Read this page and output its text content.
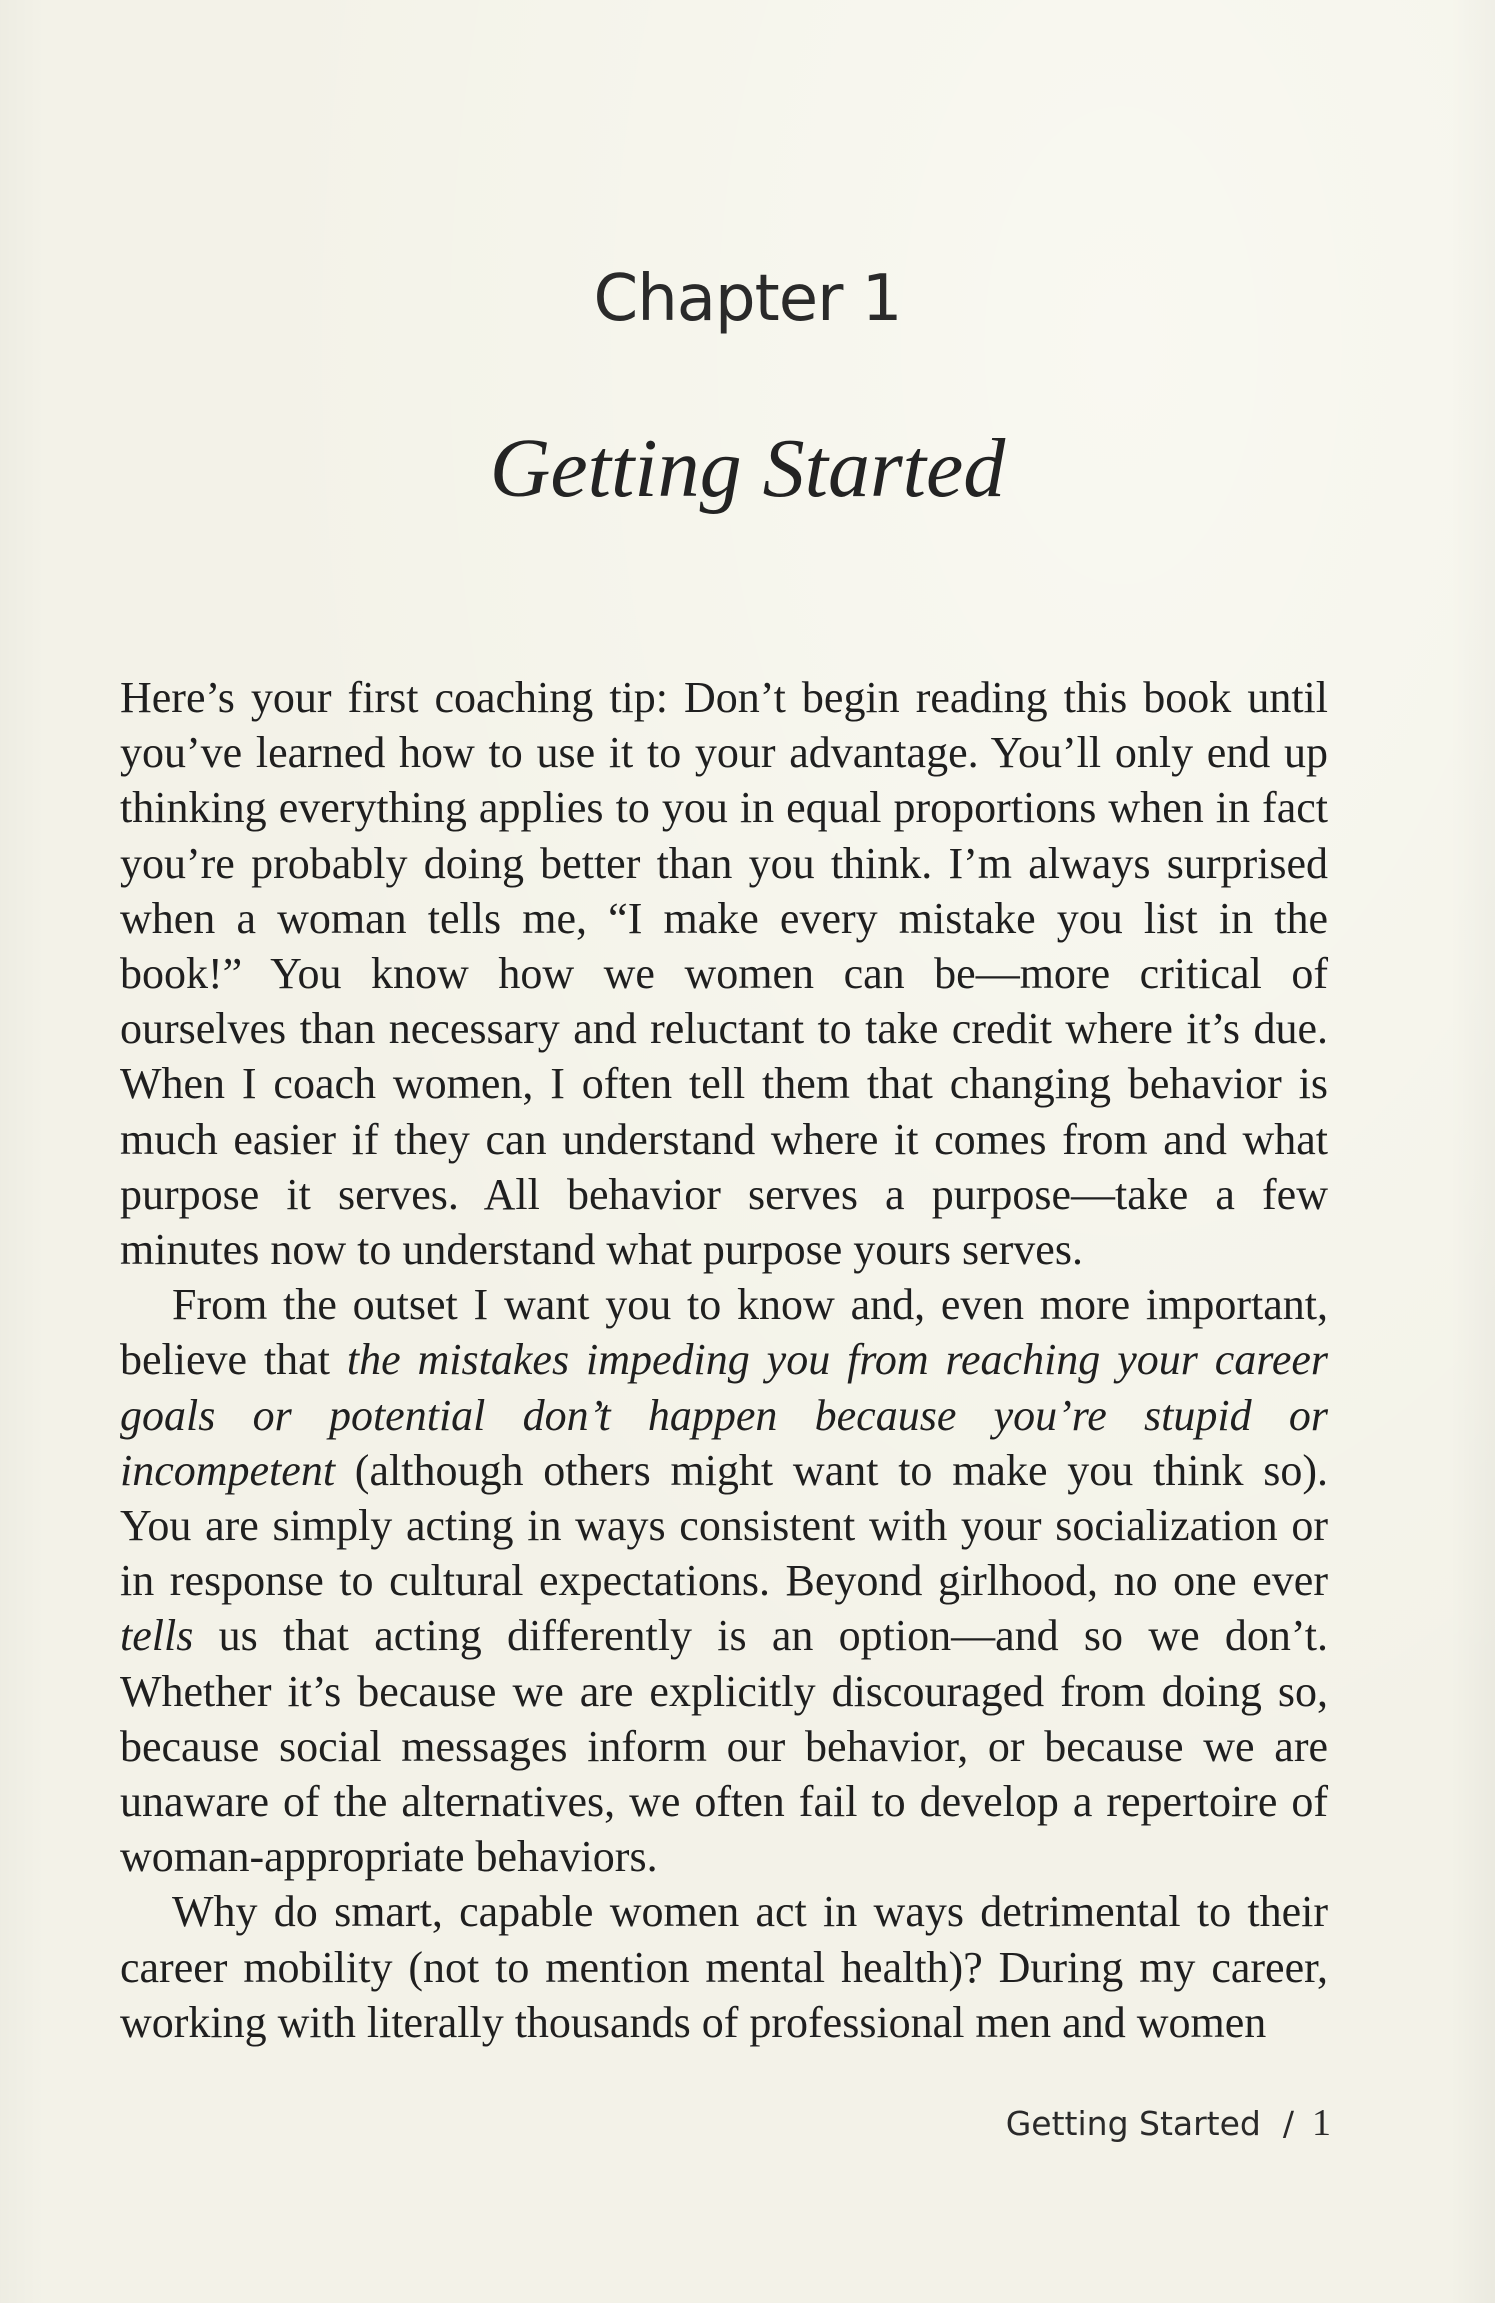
Chapter 1
Getting Started

Here’s your first coaching tip: Don’t begin reading this book until you’ve learned how to use it to your advantage. You’ll only end up thinking everything applies to you in equal proportions when in fact you’re probably doing better than you think. I’m always surprised when a woman tells me, “I make every mistake you list in the book!” You know how we women can be—more critical of ourselves than necessary and reluctant to take credit where it’s due. When I coach women, I often tell them that changing behavior is much easier if they can understand where it comes from and what purpose it serves. All behavior serves a purpose—take a few minutes now to understand what purpose yours serves.

From the outset I want you to know and, even more important, believe that the mistakes impeding you from reaching your career goals or potential don’t happen because you’re stupid or incompetent (although others might want to make you think so). You are simply acting in ways consistent with your socialization or in response to cultural expectations. Beyond girlhood, no one ever tells us that acting differently is an option—and so we don’t. Whether it’s because we are explicitly discouraged from doing so, because social messages inform our behavior, or because we are unaware of the alternatives, we often fail to develop a repertoire of woman-appropriate behaviors.

Why do smart, capable women act in ways detrimental to their career mobility (not to mention mental health)? During my career, working with literally thousands of professional men and women

Getting Started / 1
